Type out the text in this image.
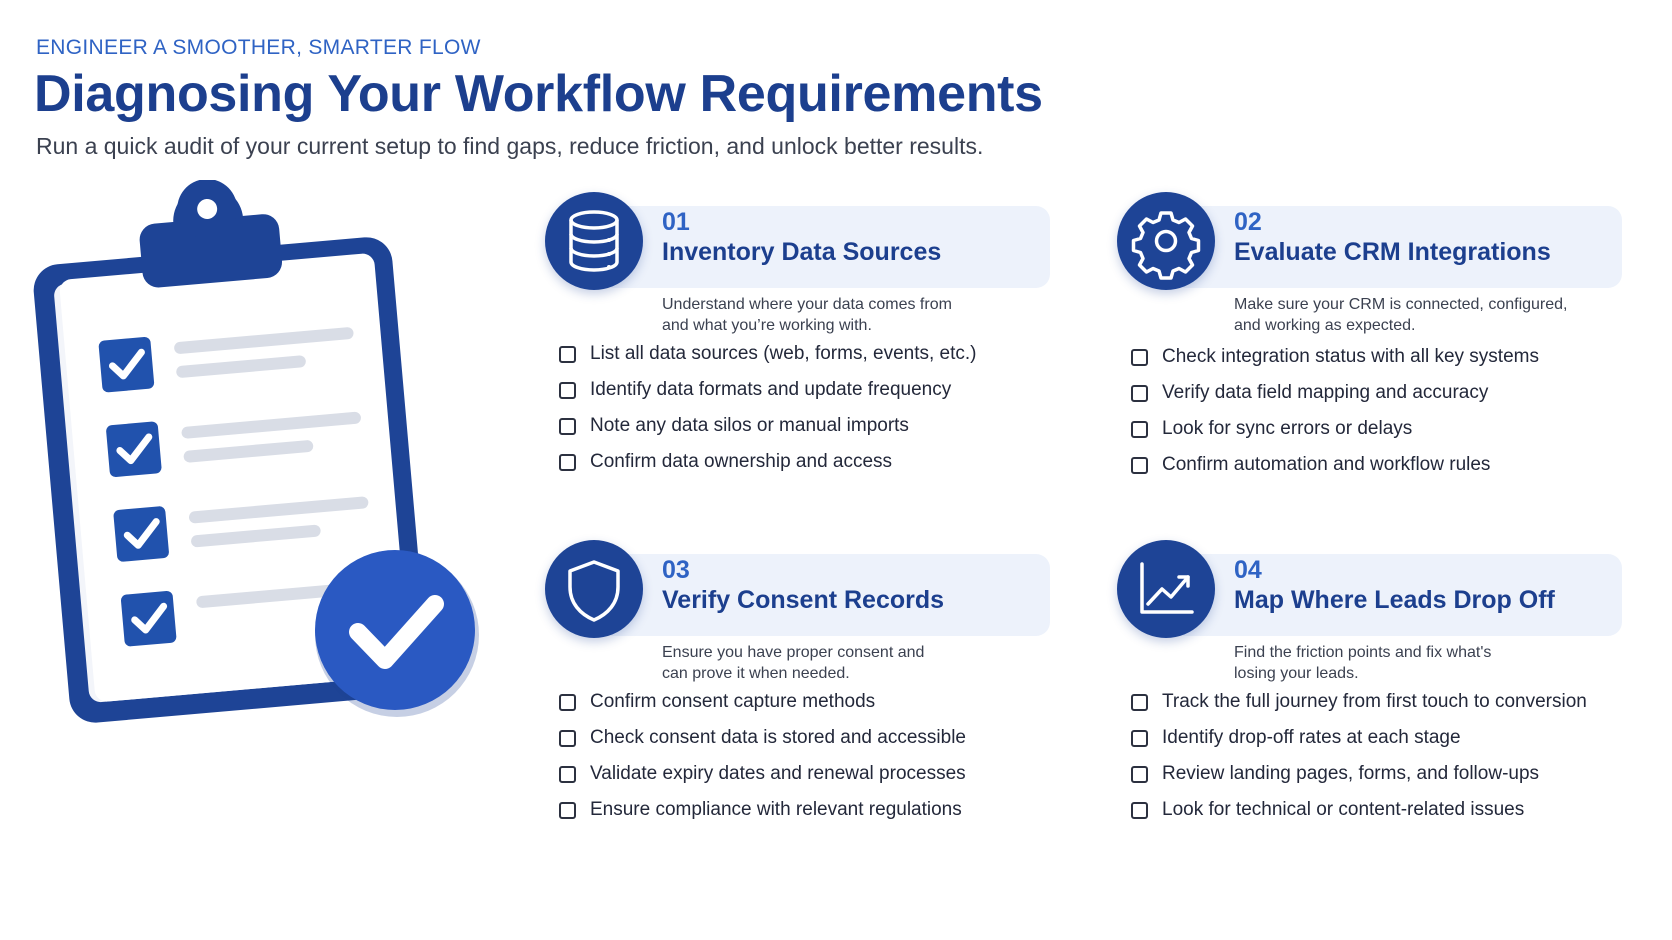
ENGINEER A SMOOTHER, SMARTER FLOW
Diagnosing Your Workflow Requirements
Run a quick audit of your current setup to find gaps, reduce friction, and unlock better results.
01
Inventory Data Sources
Understand where your data comes from
and what you’re working with.
List all data sources (web, forms, events, etc.)
Identify data formats and update frequency
Note any data silos or manual imports
Confirm data ownership and access
02
Evaluate CRM Integrations
Make sure your CRM is connected, configured,
and working as expected.
Check integration status with all key systems
Verify data field mapping and accuracy
Look for sync errors or delays
Confirm automation and workflow rules
03
Verify Consent Records
Ensure you have proper consent and
can prove it when needed.
Confirm consent capture methods
Check consent data is stored and accessible
Validate expiry dates and renewal processes
Ensure compliance with relevant regulations
04
Map Where Leads Drop Off
Find the friction points and fix what's
losing your leads.
Track the full journey from first touch to conversion
Identify drop-off rates at each stage
Review landing pages, forms, and follow-ups
Look for technical or content-related issues
